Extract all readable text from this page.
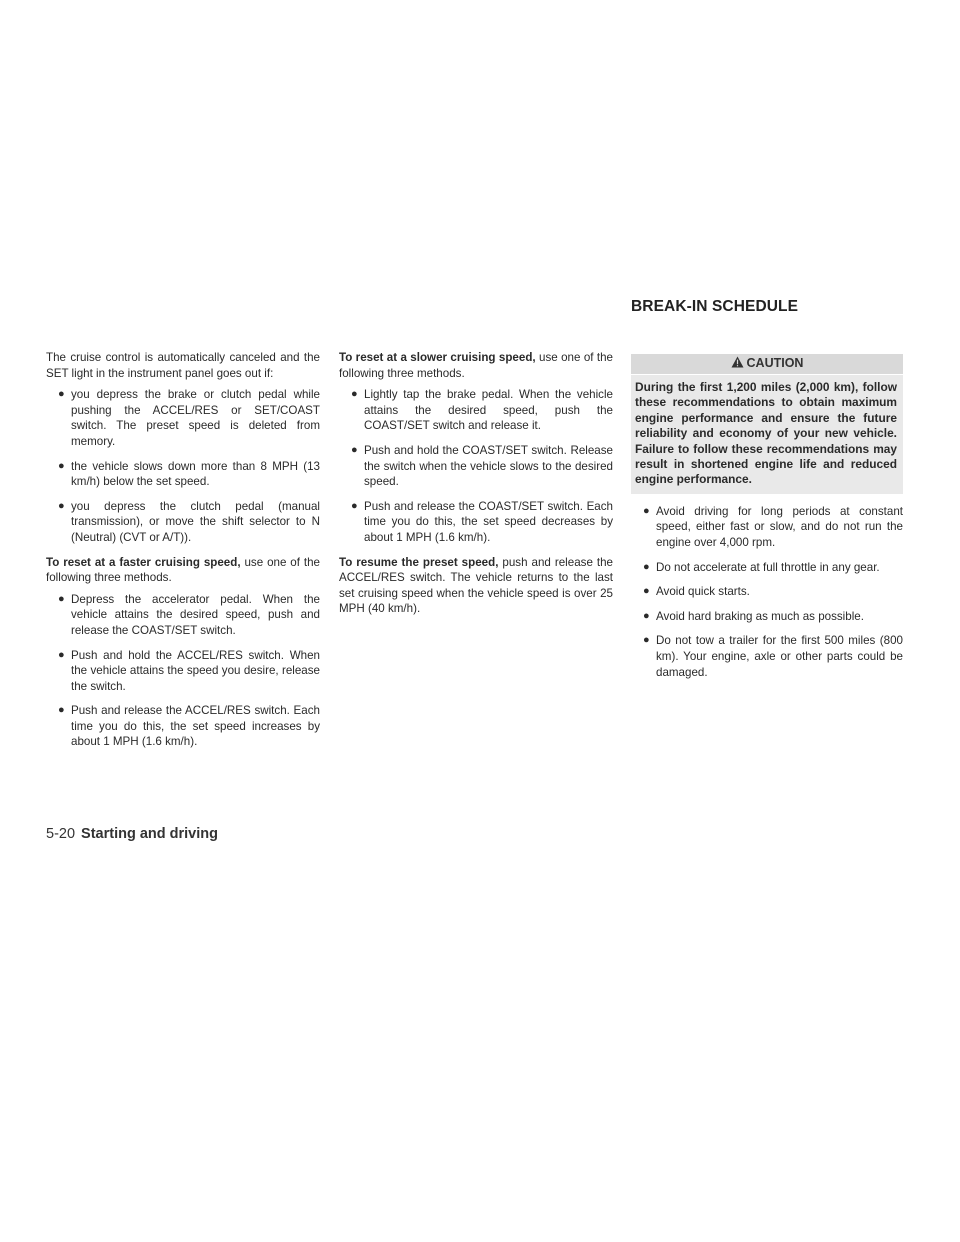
BREAK-IN SCHEDULE

The cruise control is automatically canceled and the SET light in the instrument panel goes out if:

● you depress the brake or clutch pedal while pushing the ACCEL/RES or SET/COAST switch. The preset speed is deleted from memory.
● the vehicle slows down more than 8 MPH (13 km/h) below the set speed.
● you depress the clutch pedal (manual transmission), or move the shift selector to N (Neutral) (CVT or A/T)).

To reset at a faster cruising speed, use one of the following three methods.

● Depress the accelerator pedal. When the vehicle attains the desired speed, push and release the COAST/SET switch.
● Push and hold the ACCEL/RES switch. When the vehicle attains the speed you desire, release the switch.
● Push and release the ACCEL/RES switch. Each time you do this, the set speed increases by about 1 MPH (1.6 km/h).

To reset at a slower cruising speed, use one of the following three methods.

● Lightly tap the brake pedal. When the vehicle attains the desired speed, push the COAST/SET switch and release it.
● Push and hold the COAST/SET switch. Release the switch when the vehicle slows to the desired speed.
● Push and release the COAST/SET switch. Each time you do this, the set speed decreases by about 1 MPH (1.6 km/h).

To resume the preset speed, push and release the ACCEL/RES switch. The vehicle returns to the last set cruising speed when the vehicle speed is over 25 MPH (40 km/h).

CAUTION
During the first 1,200 miles (2,000 km), follow these recommendations to obtain maximum engine performance and ensure the future reliability and economy of your new vehicle. Failure to follow these recommendations may result in shortened engine life and reduced engine performance.
● Avoid driving for long periods at constant speed, either fast or slow, and do not run the engine over 4,000 rpm.
● Do not accelerate at full throttle in any gear.
● Avoid quick starts.
● Avoid hard braking as much as possible.
● Do not tow a trailer for the first 500 miles (800 km). Your engine, axle or other parts could be damaged.
5-20 Starting and driving
